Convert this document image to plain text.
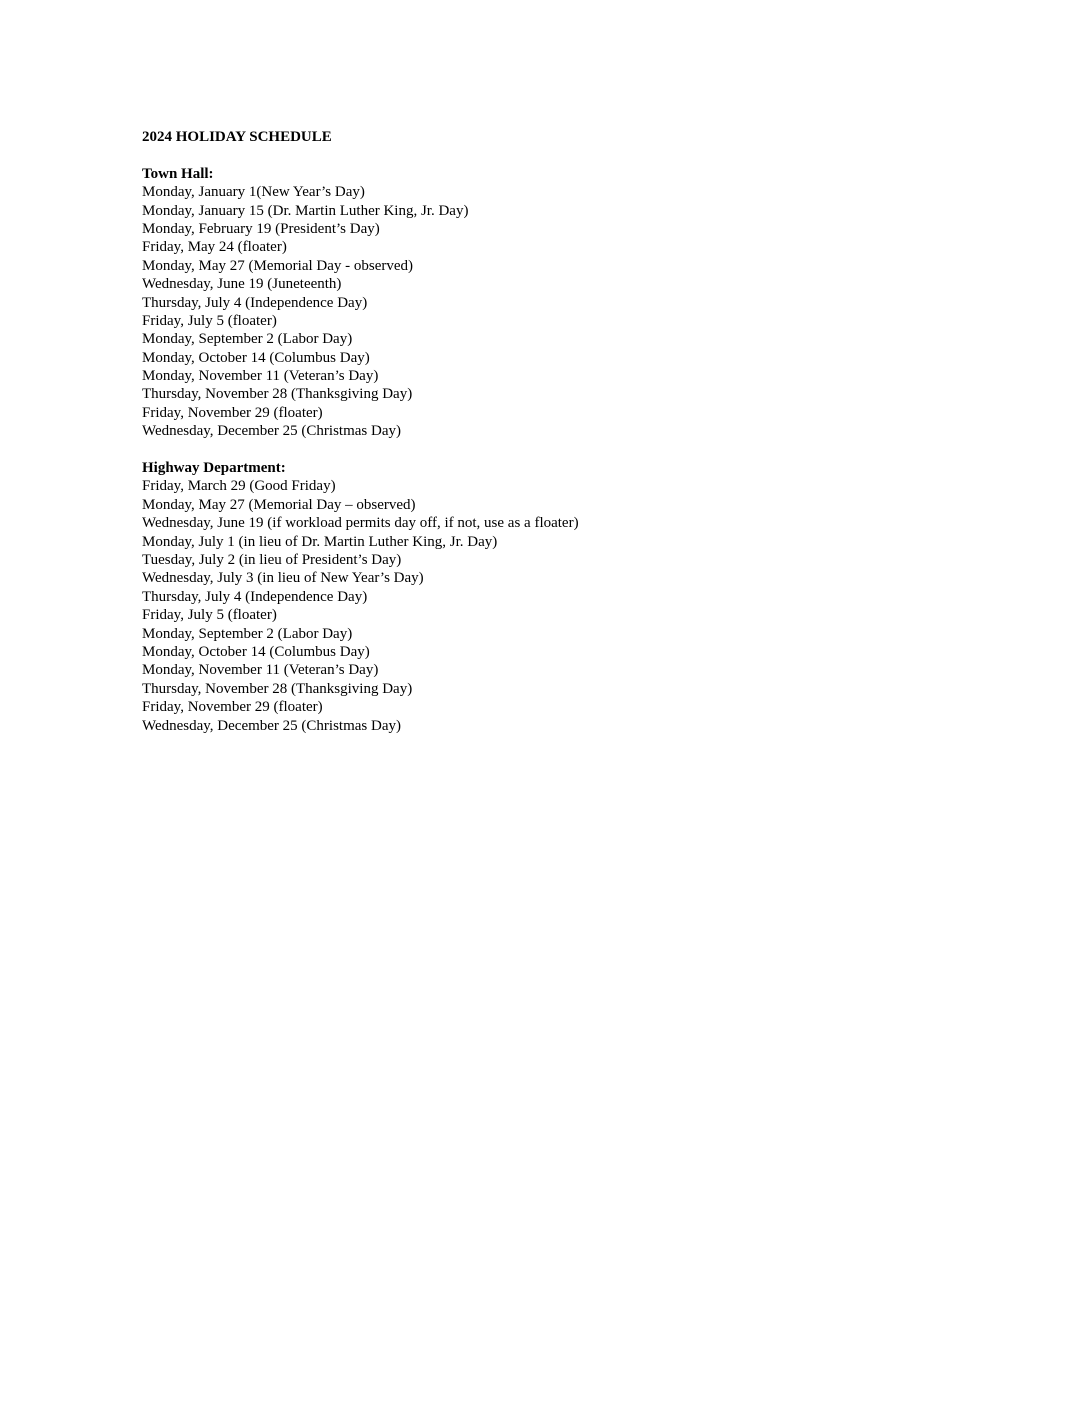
2024 HOLIDAY SCHEDULE
Town Hall:
Monday, January 1(New Year’s Day)
Monday, January 15 (Dr. Martin Luther King, Jr. Day)
Monday, February 19 (President’s Day)
Friday, May 24 (floater)
Monday, May 27 (Memorial Day - observed)
Wednesday, June 19 (Juneteenth)
Thursday, July 4 (Independence Day)
Friday, July 5 (floater)
Monday, September 2 (Labor Day)
Monday, October 14 (Columbus Day)
Monday, November 11 (Veteran’s Day)
Thursday, November 28 (Thanksgiving Day)
Friday, November 29 (floater)
Wednesday, December 25 (Christmas Day)
Highway Department:
Friday, March 29 (Good Friday)
Monday, May 27 (Memorial Day – observed)
Wednesday, June 19 (if workload permits day off, if not, use as a floater)
Monday, July 1 (in lieu of Dr. Martin Luther King, Jr. Day)
Tuesday, July 2 (in lieu of President’s Day)
Wednesday, July 3 (in lieu of New Year’s Day)
Thursday, July 4 (Independence Day)
Friday, July 5 (floater)
Monday, September 2 (Labor Day)
Monday, October 14 (Columbus Day)
Monday, November 11 (Veteran’s Day)
Thursday, November 28 (Thanksgiving Day)
Friday, November 29 (floater)
Wednesday, December 25 (Christmas Day)
